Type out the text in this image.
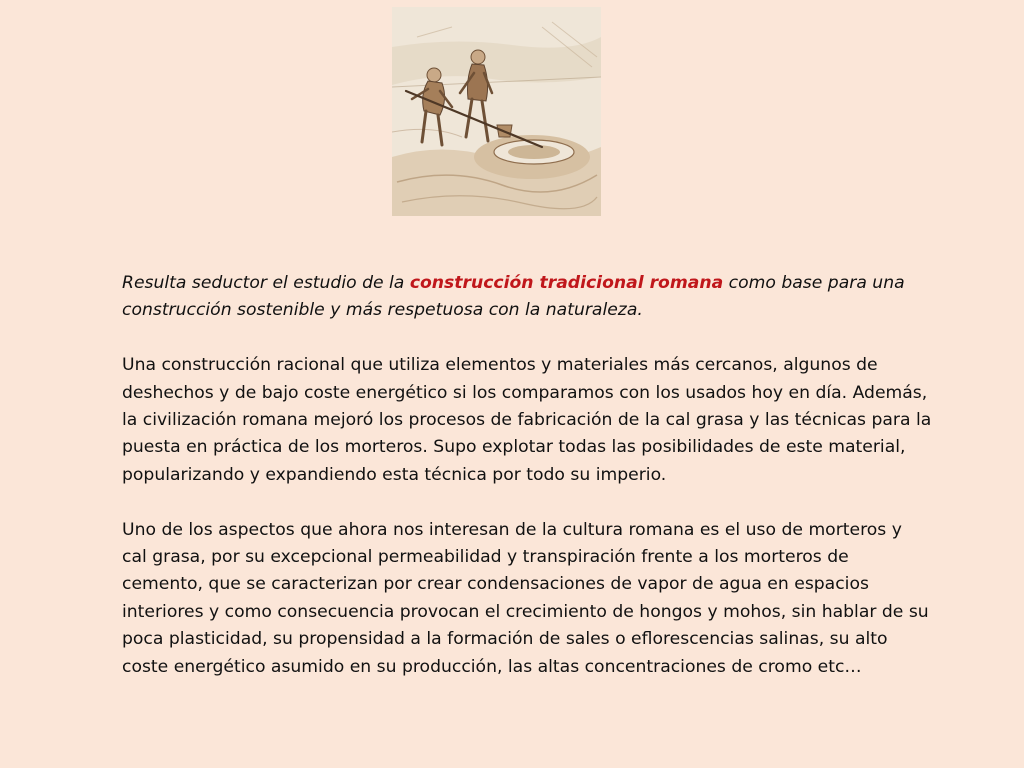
Resulta seductor el estudio de la construcción tradicional romana como base para una construcción sostenible y más respetuosa con la naturaleza.

Una construcción racional que utiliza elementos y materiales más cercanos, algunos de deshechos y de bajo coste energético si los comparamos con los usados hoy en día. Además, la civilización romana mejoró los procesos de fabricación de la cal grasa y las técnicas para la puesta en práctica de los morteros. Supo explotar todas las posibilidades de este material, popularizando y expandiendo esta técnica por todo su imperio.

Uno de los aspectos que ahora nos interesan de la cultura romana es el uso de morteros y cal grasa, por su excepcional permeabilidad y transpiración frente a los morteros de cemento, que se caracterizan por crear condensaciones de vapor de agua en espacios interiores y como consecuencia provocan el crecimiento de hongos y mohos, sin hablar de su poca plasticidad, su propensidad a la formación de sales o eflorescencias salinas, su alto coste energético asumido en su producción, las altas concentraciones de cromo etc…
